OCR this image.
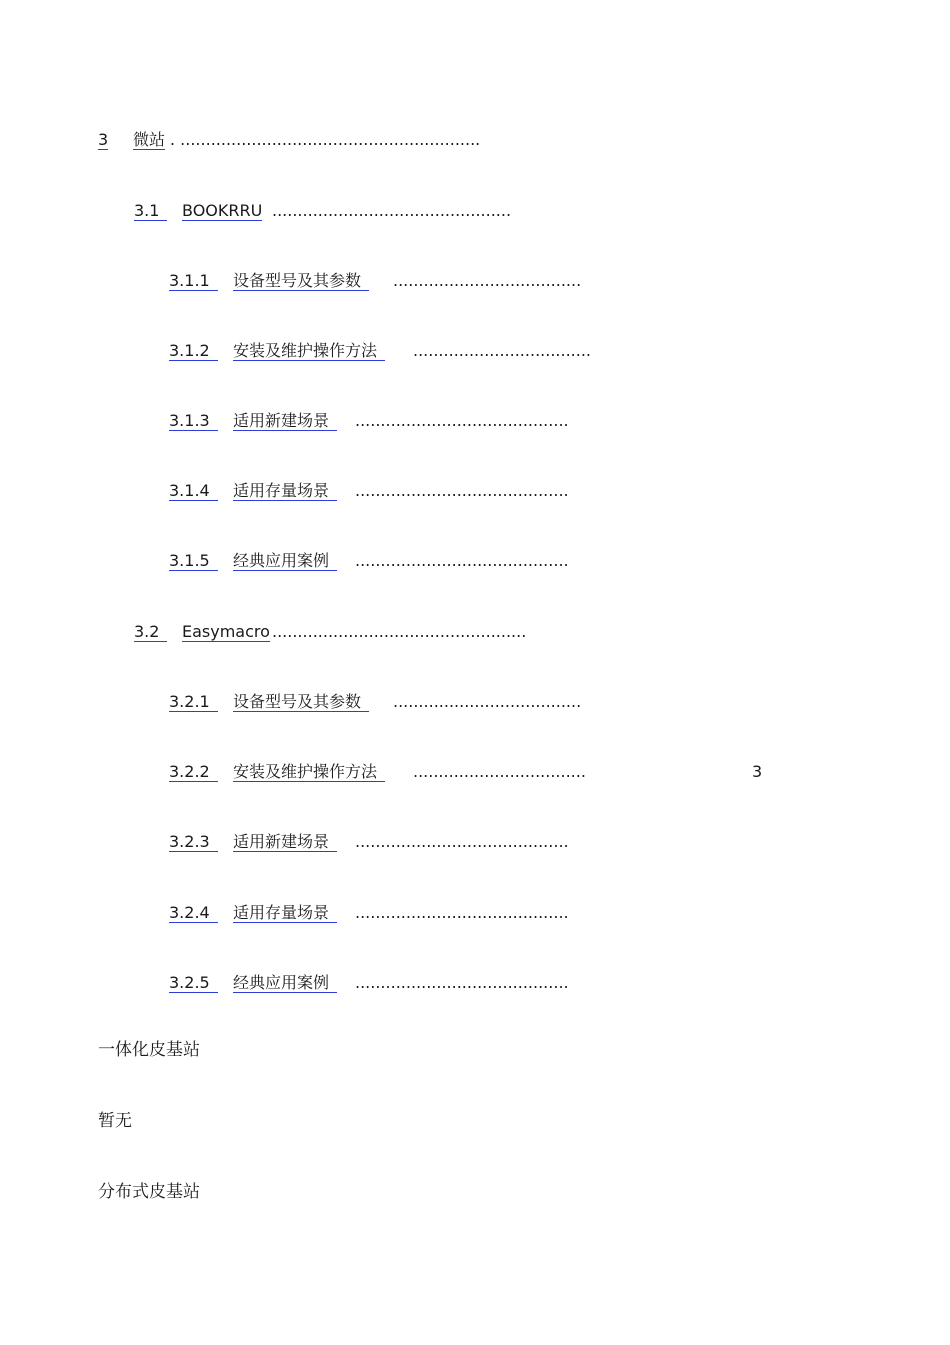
3 微站 . ...........................................................
3.1	BOOKRRU ...............................................
3.1.1	设备型号及其参数	.....................................
3.1.2	安装及维护操作方法	...................................
3.1.3	适用新建场景	..........................................
3.1.4	适用存量场景	..........................................
3.1.5	经典应用案例	..........................................
3.2	Easymacro ..................................................
3.2.1	设备型号及其参数	.....................................
3.2.2	安装及维护操作方法	..................................	3
3.2.3	适用新建场景	..........................................
3.2.4	适用存量场景	..........................................
3.2.5	经典应用案例	..........................................
一体化皮基站
暂无
分布式皮基站
